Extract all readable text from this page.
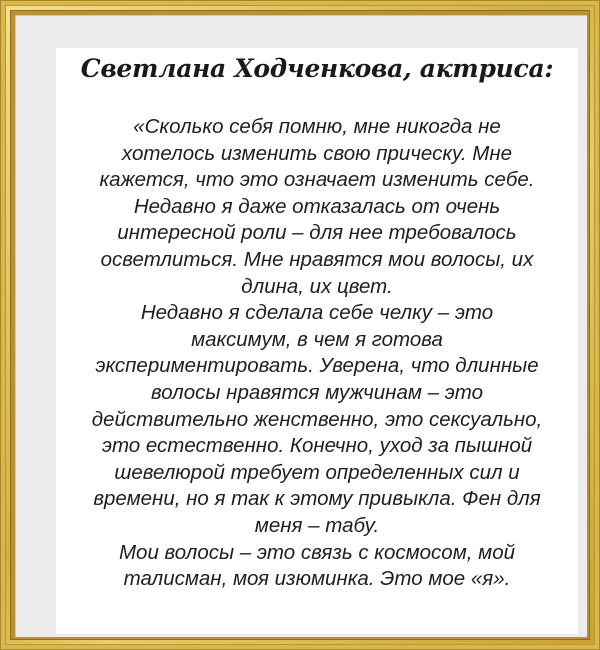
Светлана Ходченкова, актриса:
«Сколько себя помню, мне никогда не
хотелось изменить свою прическу. Мне
кажется, что это означает изменить себе.
Недавно я даже отказалась от очень
интересной роли – для нее требовалось
осветлиться. Мне нравятся мои волосы, их
длина, их цвет.
Недавно я сделала себе челку – это
максимум, в чем я готова
экспериментировать. Уверена, что длинные
волосы нравятся мужчинам – это
действительно женственно, это сексуально,
это естественно. Конечно, уход за пышной
шевелюрой требует определенных сил и
времени, но я так к этому привыкла. Фен для
меня – табу.
Мои волосы – это связь с космосом, мой
талисман, моя изюминка. Это мое «я».
